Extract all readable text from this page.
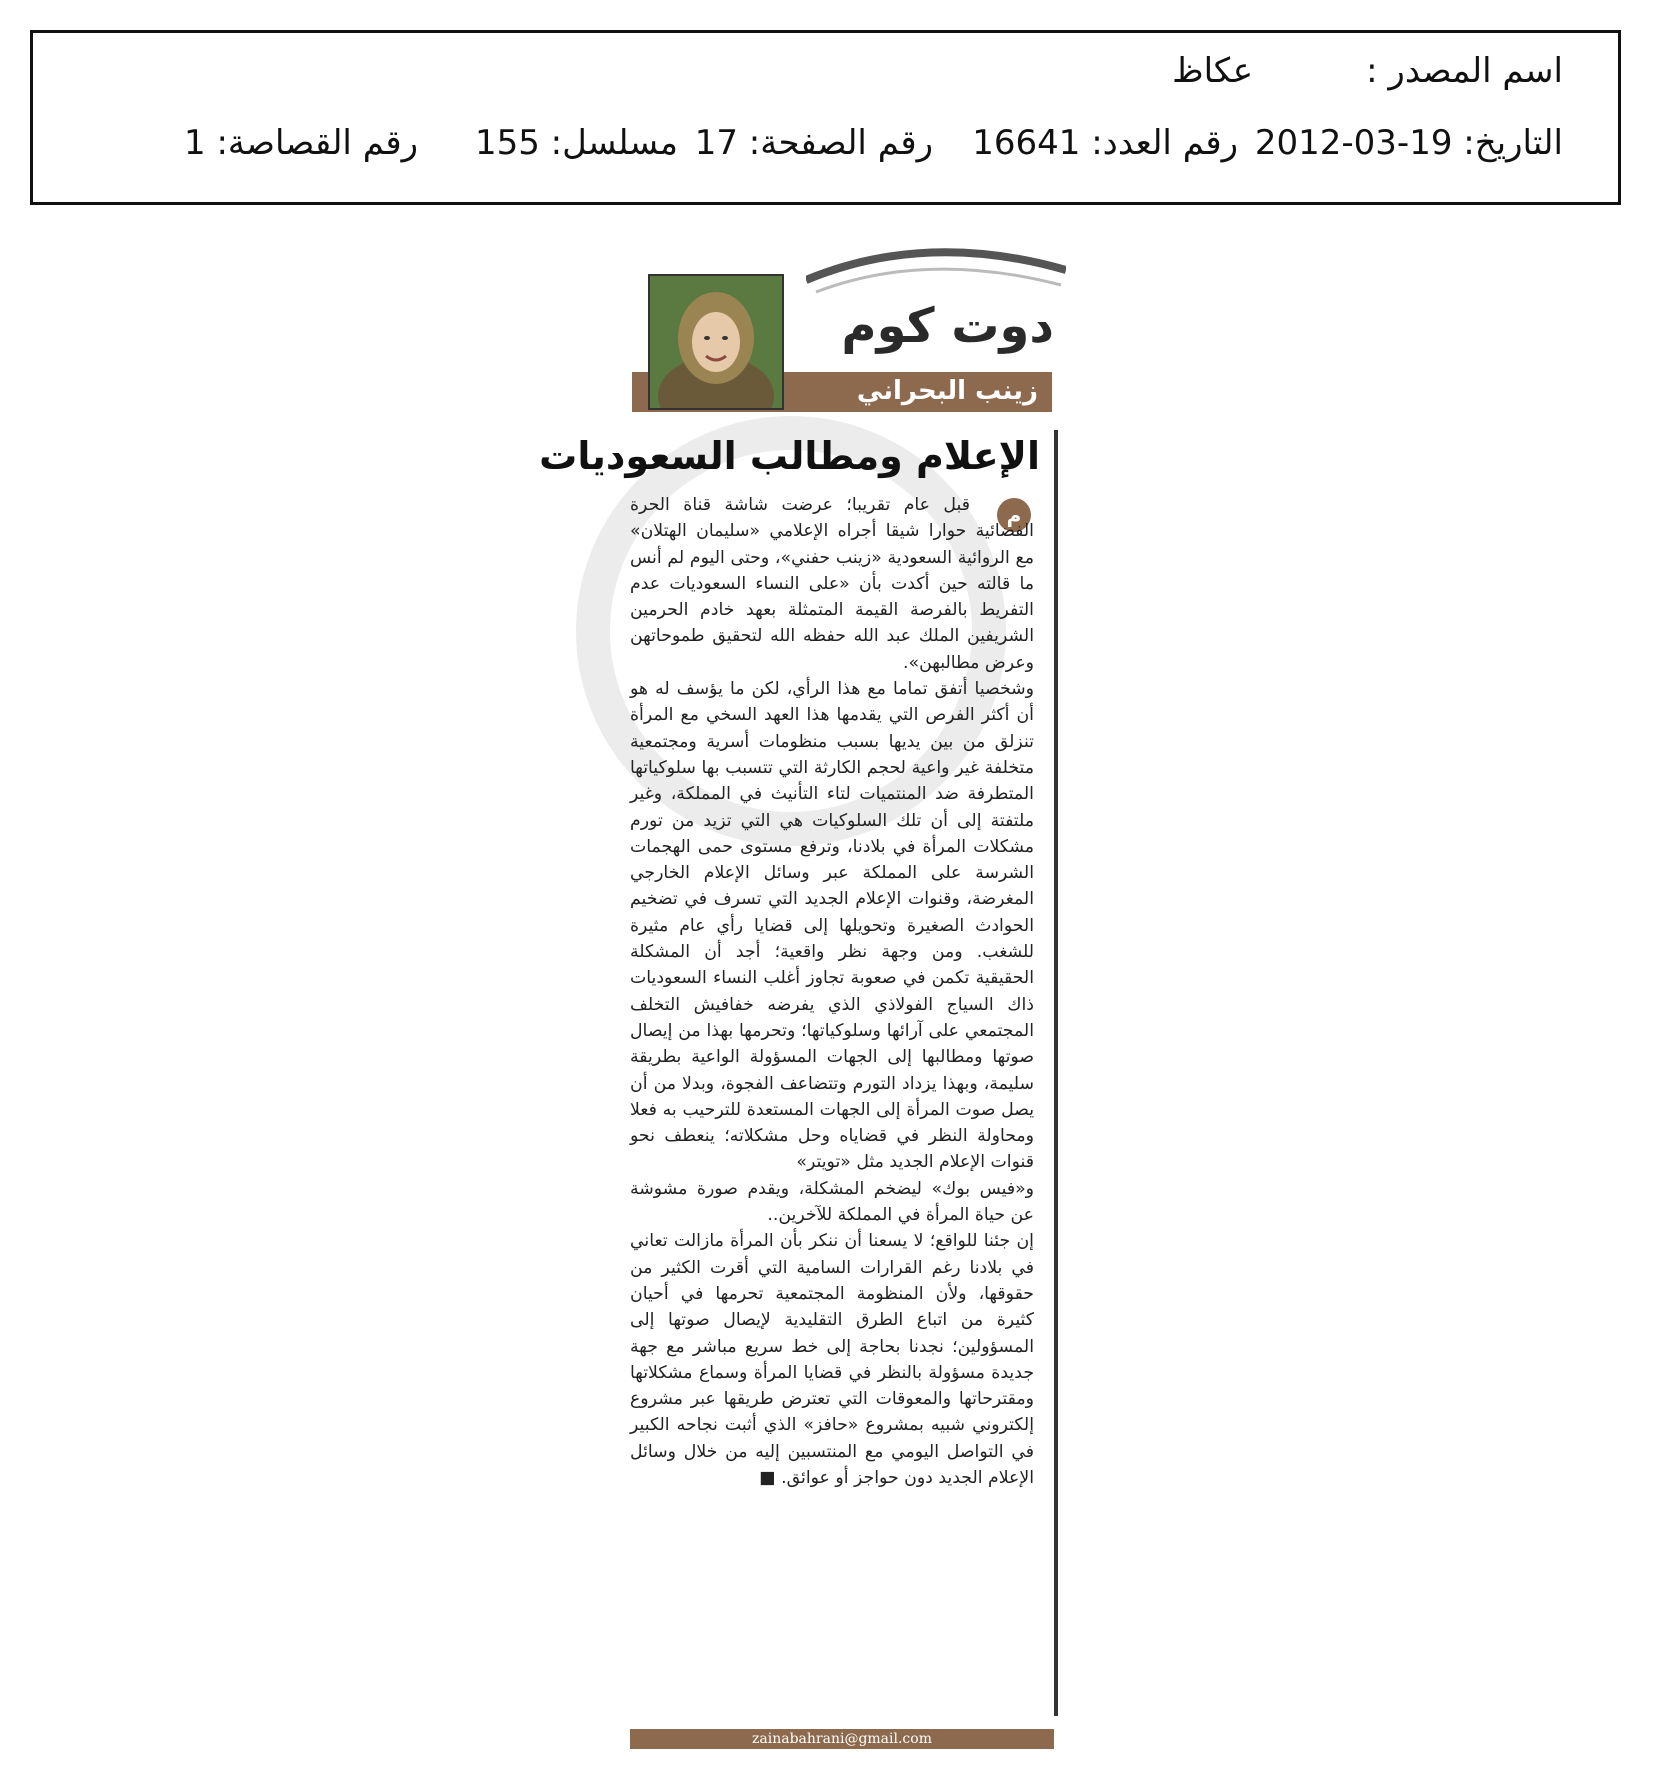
اسم المصدر :
عكاظ
التاريخ: 19-03-2012
رقم العدد: 16641
رقم الصفحة: 17
مسلسل: 155
رقم القصاصة: 1
دوت كوم
زينب البحراني
الإعلام ومطالب السعوديات
م

قبل عام تقريبا؛ عرضت شاشة قناة الحرة الفضائية حوارا شيقا أجراه الإعلامي «سليمان الهتلان» مع الروائية السعودية «زينب حفني»، وحتى اليوم لم أنس ما قالته حين أكدت بأن «على النساء السعوديات عدم التفريط بالفرصة القيمة المتمثلة بعهد خادم الحرمين الشريفين الملك عبد الله حفظه الله لتحقيق طموحاتهن وعرض مطالبهن».

وشخصيا أتفق تماما مع هذا الرأي، لكن ما يؤسف له هو أن أكثر الفرص التي يقدمها هذا العهد السخي مع المرأة تنزلق من بين يديها بسبب منظومات أسرية ومجتمعية متخلفة غير واعية لحجم الكارثة التي تتسبب بها سلوكياتها المتطرفة ضد المنتميات لتاء التأنيث في المملكة، وغير ملتفتة إلى أن تلك السلوكيات هي التي تزيد من تورم مشكلات المرأة في بلادنا، وترفع مستوى حمى الهجمات الشرسة على المملكة عبر وسائل الإعلام الخارجي المغرضة، وقنوات الإعلام الجديد التي تسرف في تضخيم الحوادث الصغيرة وتحويلها إلى قضايا رأي عام مثيرة للشغب. ومن وجهة نظر واقعية؛ أجد أن المشكلة الحقيقية تكمن في صعوبة تجاوز أغلب النساء السعوديات ذاك السياج الفولاذي الذي يفرضه خفافيش التخلف المجتمعي على آرائها وسلوكياتها؛ وتحرمها بهذا من إيصال صوتها ومطالبها إلى الجهات المسؤولة الواعية بطريقة سليمة، وبهذا يزداد التورم وتتضاعف الفجوة، وبدلا من أن يصل صوت المرأة إلى الجهات المستعدة للترحيب به فعلا ومحاولة النظر في قضاياه وحل مشكلاته؛ ينعطف نحو قنوات الإعلام الجديد مثل «تويتر»

و«فيس بوك» ليضخم المشكلة، ويقدم صورة مشوشة عن حياة المرأة في المملكة للآخرين..

إن جئنا للواقع؛ لا يسعنا أن ننكر بأن المرأة مازالت تعاني في بلادنا رغم القرارات السامية التي أقرت الكثير من حقوقها، ولأن المنظومة المجتمعية تحرمها في أحيان كثيرة من اتباع الطرق التقليدية لإيصال صوتها إلى المسؤولين؛ نجدنا بحاجة إلى خط سريع مباشر مع جهة جديدة مسؤولة بالنظر في قضايا المرأة وسماع مشكلاتها ومقترحاتها والمعوقات التي تعترض طريقها عبر مشروع إلكتروني شبيه بمشروع «حافز» الذي أثبت نجاحه الكبير في التواصل اليومي مع المنتسبين إليه من خلال وسائل الإعلام الجديد دون حواجز أو عوائق. ■

zainabahrani@gmail.com
